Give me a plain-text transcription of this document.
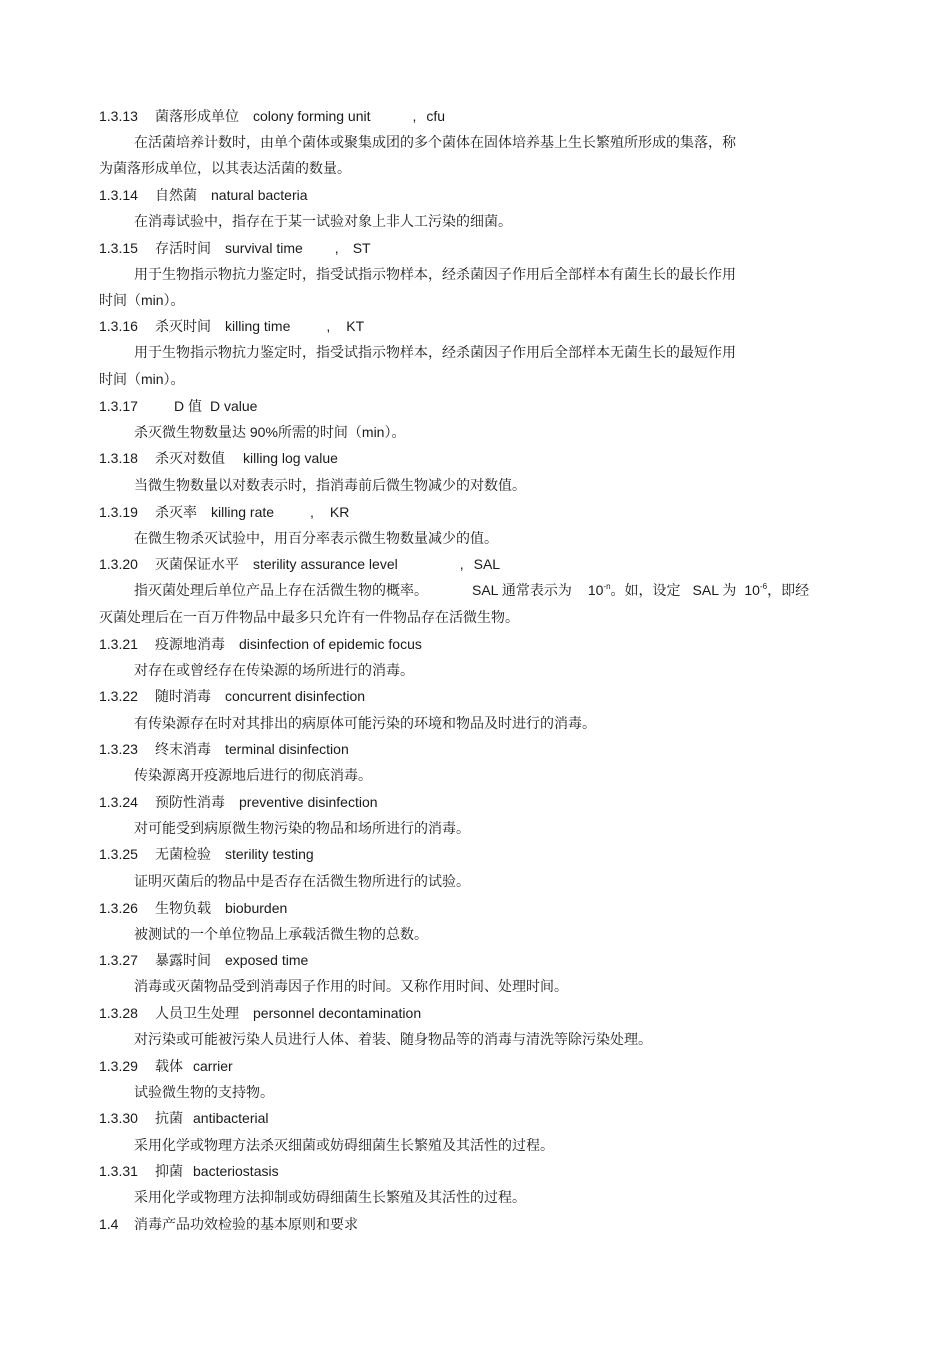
1.3.13 菌落形成单位 colony forming unit	, cfu
在活菌培养计数时，由单个菌体或聚集成团的多个菌体在固体培养基上生长繁殖所形成的集落，称
为菌落形成单位，以其表达活菌的数量。
1.3.14 自然菌 natural bacteria
在消毒试验中，指存在于某一试验对象上非人工污染的细菌。
1.3.15 存活时间 survival time , ST
用于生物指示物抗力鉴定时，指受试指示物样本，经杀菌因子作用后全部样本有菌生长的最长作用
时间（min）。
1.3.16 杀灭时间 killing time	, KT
用于生物指示物抗力鉴定时，指受试指示物样本，经杀菌因子作用后全部样本无菌生长的最短作用
时间（min）。
1.3.17	D 值 D value
杀灭微生物数量达 90%所需的时间（min）。
1.3.18 杀灭对数值 killing log value
当微生物数量以对数表示时，指消毒前后微生物减少的对数值。
1.3.19 杀灭率 killing rate	, KR
在微生物杀灭试验中，用百分率表示微生物数量减少的值。
1.3.20 灭菌保证水平 sterility assurance level	, SAL
指灭菌处理后单位产品上存在活微生物的概率。	SAL 通常表示为 $10^{-n}$。如，设定 SAL 为 $10^{-6}$，即经
灭菌处理后在一百万件物品中最多只允许有一件物品存在活微生物。
1.3.21 疫源地消毒 disinfection of epidemic focus
对存在或曾经存在传染源的场所进行的消毒。
1.3.22 随时消毒 concurrent disinfection
有传染源存在时对其排出的病原体可能污染的环境和物品及时进行的消毒。
1.3.23 终末消毒 terminal disinfection
传染源离开疫源地后进行的彻底消毒。
1.3.24 预防性消毒 preventive disinfection
对可能受到病原微生物污染的物品和场所进行的消毒。
1.3.25 无菌检验 sterility testing
证明灭菌后的物品中是否存在活微生物所进行的试验。
1.3.26 生物负载 bioburden
被测试的一个单位物品上承载活微生物的总数。
1.3.27 暴露时间 exposed time
消毒或灭菌物品受到消毒因子作用的时间。又称作用时间、处理时间。
1.3.28 人员卫生处理 personnel decontamination
对污染或可能被污染人员进行人体、着装、随身物品等的消毒与清洗等除污染处理。
1.3.29 载体 carrier
试验微生物的支持物。
1.3.30 抗菌 antibacterial
采用化学或物理方法杀灭细菌或妨碍细菌生长繁殖及其活性的过程。
1.3.31 抑菌 bacteriostasis
采用化学或物理方法抑制或妨碍细菌生长繁殖及其活性的过程。
1.4 消毒产品功效检验的基本原则和要求
